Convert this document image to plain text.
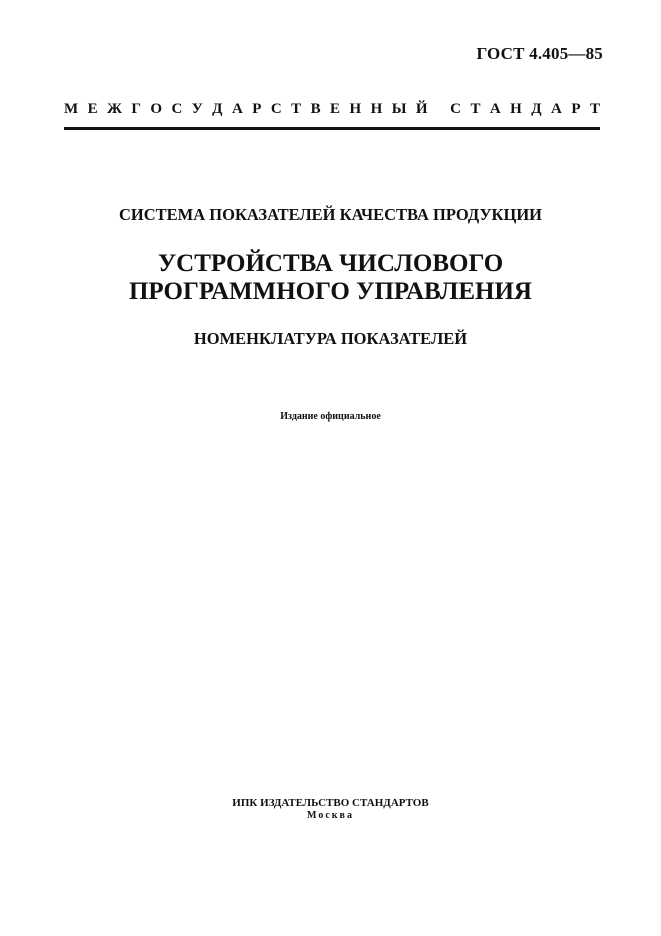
ГОСТ 4.405—85
М Е Ж Г О С У Д А Р С Т В Е Н Н Ы Й
С Т А Н Д А Р Т
СИСТЕМА ПОКАЗАТЕЛЕЙ КАЧЕСТВА ПРОДУКЦИИ
УСТРОЙСТВА ЧИСЛОВОГО
ПРОГРАММНОГО УПРАВЛЕНИЯ
НОМЕНКЛАТУРА ПОКАЗАТЕЛЕЙ
Издание официальное
ИПК ИЗДАТЕЛЬСТВО СТАНДАРТОВ
Москва
